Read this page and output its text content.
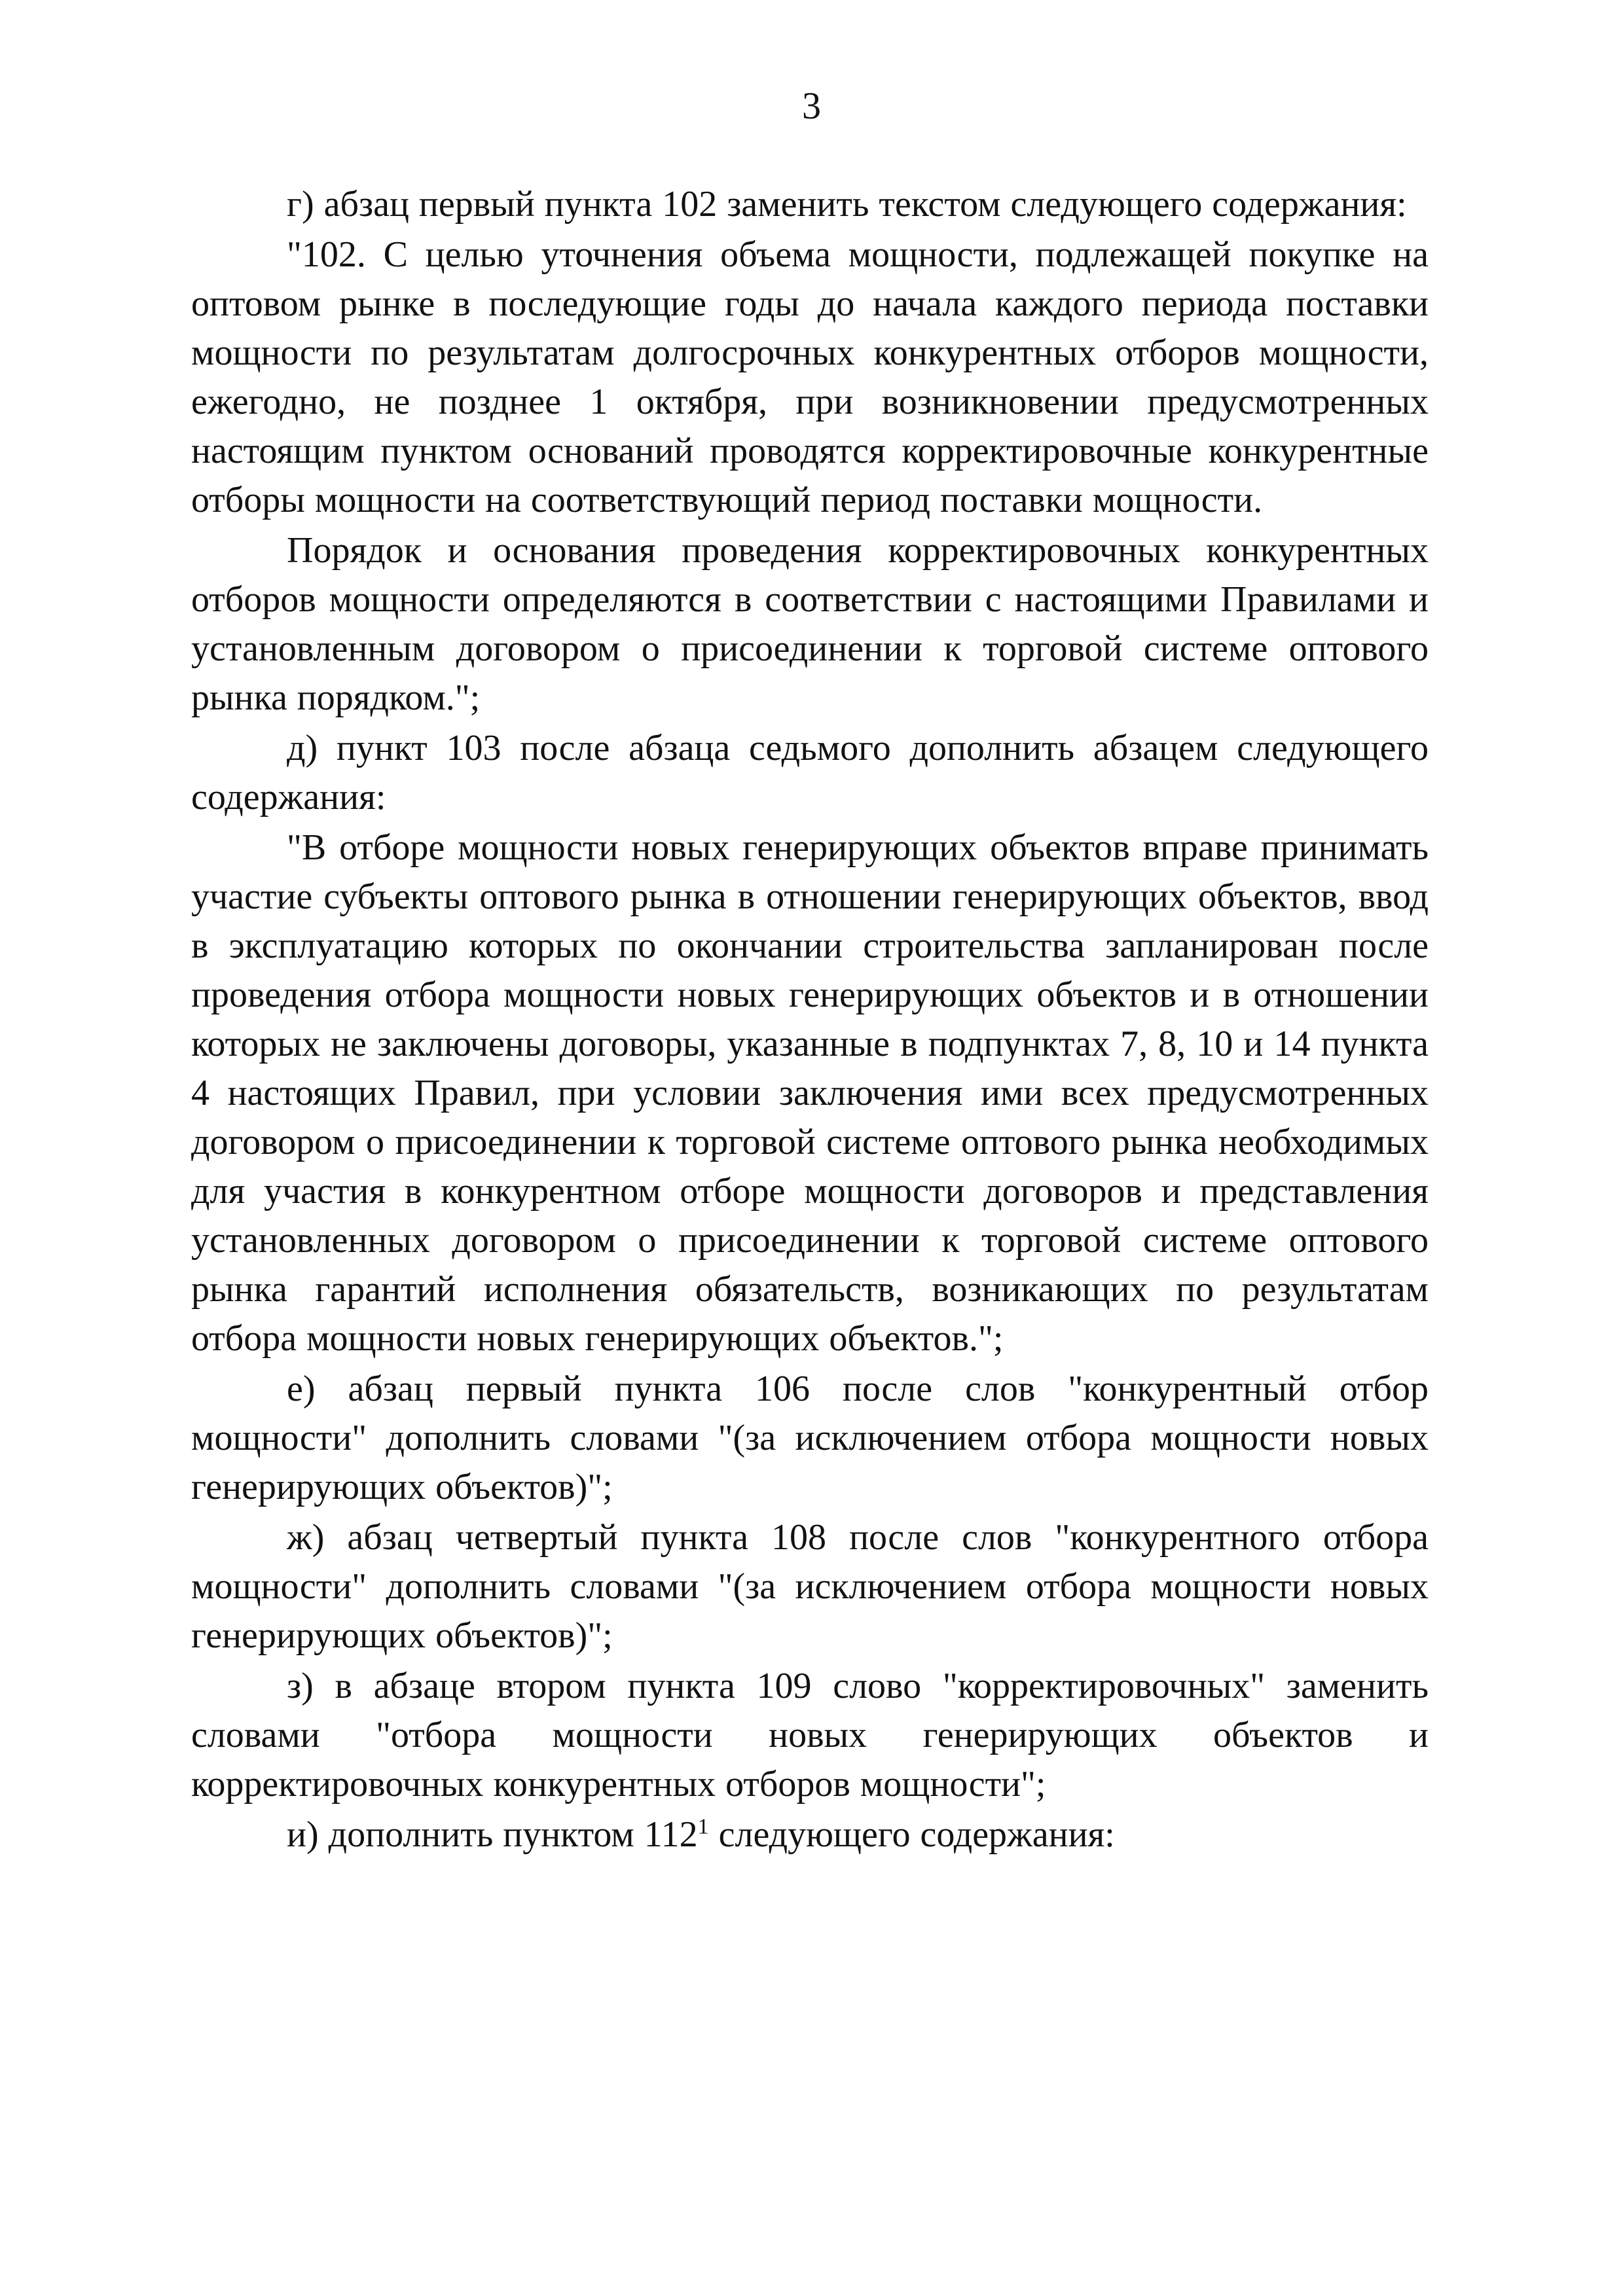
3

г) абзац первый пункта 102 заменить текстом следующего содержания:

"102. С целью уточнения объема мощности, подлежащей покупке на оптовом рынке в последующие годы до начала каждого периода поставки мощности по результатам долгосрочных конкурентных отборов мощности, ежегодно, не позднее 1 октября, при возникновении предусмотренных настоящим пунктом оснований проводятся корректировочные конкурентные отборы мощности на соответствующий период поставки мощности.

Порядок и основания проведения корректировочных конкурентных отборов мощности определяются в соответствии с настоящими Правилами и установленным договором о присоединении к торговой системе оптового рынка порядком.";

д) пункт 103 после абзаца седьмого дополнить абзацем следующего содержания:

"В отборе мощности новых генерирующих объектов вправе принимать участие субъекты оптового рынка в отношении генерирующих объектов, ввод в эксплуатацию которых по окончании строительства запланирован после проведения отбора мощности новых генерирующих объектов и в отношении которых не заключены договоры, указанные в подпунктах 7, 8, 10 и 14 пункта 4 настоящих Правил, при условии заключения ими всех предусмотренных договором о присоединении к торговой системе оптового рынка необходимых для участия в конкурентном отборе мощности договоров и представления установленных договором о присоединении к торговой системе оптового рынка гарантий исполнения обязательств, возникающих по результатам отбора мощности новых генерирующих объектов.";

е) абзац первый пункта 106 после слов "конкурентный отбор мощности" дополнить словами "(за исключением отбора мощности новых генерирующих объектов)";

ж) абзац четвертый пункта 108 после слов "конкурентного отбора мощности" дополнить словами "(за исключением отбора мощности новых генерирующих объектов)";

з) в абзаце втором пункта 109 слово "корректировочных" заменить словами "отбора мощности новых генерирующих объектов и корректировочных конкурентных отборов мощности";

и) дополнить пунктом $112^1$ следующего содержания:
